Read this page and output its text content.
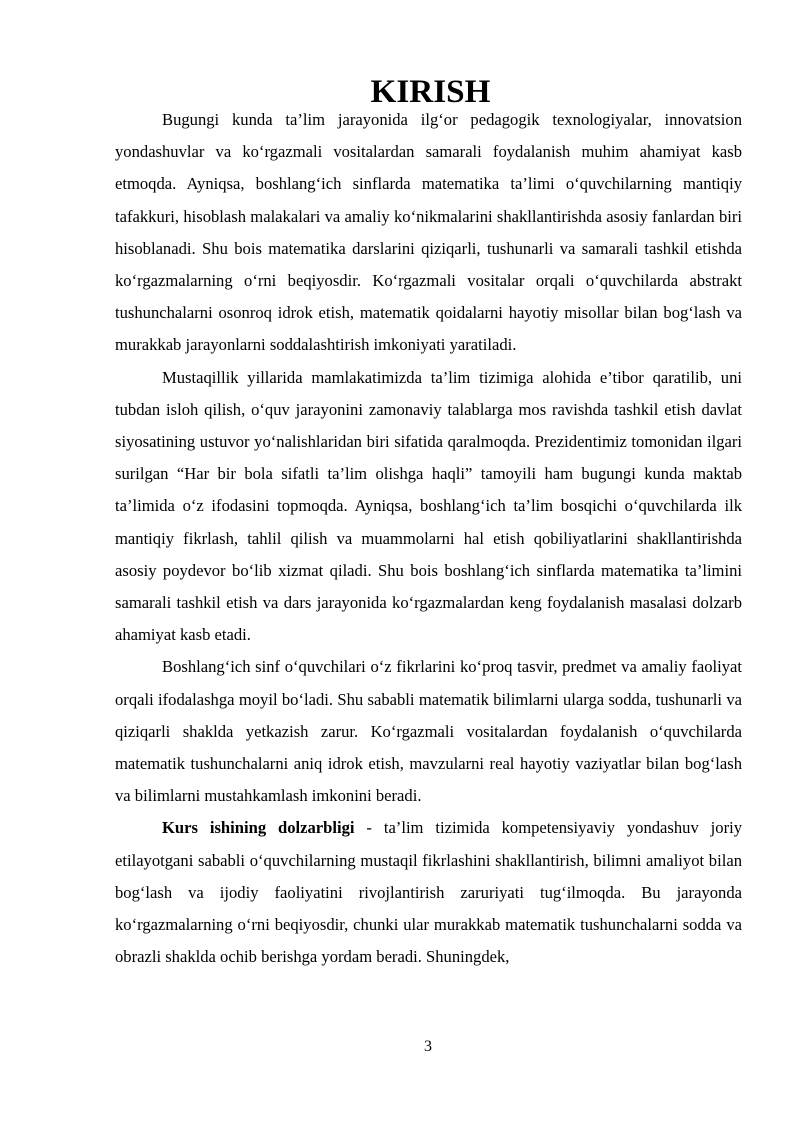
KIRISH

Bugungi kunda ta’lim jarayonida ilg‘or pedagogik texnologiyalar, innovatsion yondashuvlar va ko‘rgazmali vositalardan samarali foydalanish muhim ahamiyat kasb etmoqda. Ayniqsa, boshlang‘ich sinflarda matematika ta’limi o‘quvchilarning mantiqiy tafakkuri, hisoblash malakalari va amaliy ko‘nikmalarini shakllantirishda asosiy fanlardan biri hisoblanadi. Shu bois matematika darslarini qiziqarli, tushunarli va samarali tashkil etishda ko‘rgazmalarning o‘rni beqiyosdir. Ko‘rgazmali vositalar orqali o‘quvchilarda abstrakt tushunchalarni osonroq idrok etish, matematik qoidalarni hayotiy misollar bilan bog‘lash va murakkab jarayonlarni soddalashtirish imkoniyati yaratiladi.

Mustaqillik yillarida mamlakatimizda ta’lim tizimiga alohida e’tibor qaratilib, uni tubdan isloh qilish, o‘quv jarayonini zamonaviy talablarga mos ravishda tashkil etish davlat siyosatining ustuvor yo‘nalishlaridan biri sifatida qaralmoqda. Prezidentimiz tomonidan ilgari surilgan “Har bir bola sifatli ta’lim olishga haqli” tamoyili ham bugungi kunda maktab ta’limida o‘z ifodasini topmoqda. Ayniqsa, boshlang‘ich ta’lim bosqichi o‘quvchilarda ilk mantiqiy fikrlash, tahlil qilish va muammolarni hal etish qobiliyatlarini shakllantirishda asosiy poydevor bo‘lib xizmat qiladi. Shu bois boshlang‘ich sinflarda matematika ta’limini samarali tashkil etish va dars jarayonida ko‘rgazmalardan keng foydalanish masalasi dolzarb ahamiyat kasb etadi.

Boshlang‘ich sinf o‘quvchilari o‘z fikrlarini ko‘proq tasvir, predmet va amaliy faoliyat orqali ifodalashga moyil bo‘ladi. Shu sababli matematik bilimlarni ularga sodda, tushunarli va qiziqarli shaklda yetkazish zarur. Ko‘rgazmali vositalardan foydalanish o‘quvchilarda matematik tushunchalarni aniq idrok etish, mavzularni real hayotiy vaziyatlar bilan bog‘lash va bilimlarni mustahkamlash imkonini beradi.

Kurs ishining dolzarbligi - ta’lim tizimida kompetensiyaviy yondashuv joriy etilayotgani sababli o‘quvchilarning mustaqil fikrlashini shakllantirish, bilimni amaliyot bilan bog‘lash va ijodiy faoliyatini rivojlantirish zaruriyati tug‘ilmoqda. Bu jarayonda ko‘rgazmalarning o‘rni beqiyosdir, chunki ular murakkab matematik tushunchalarni sodda va obrazli shaklda ochib berishga yordam beradi. Shuningdek,

3
